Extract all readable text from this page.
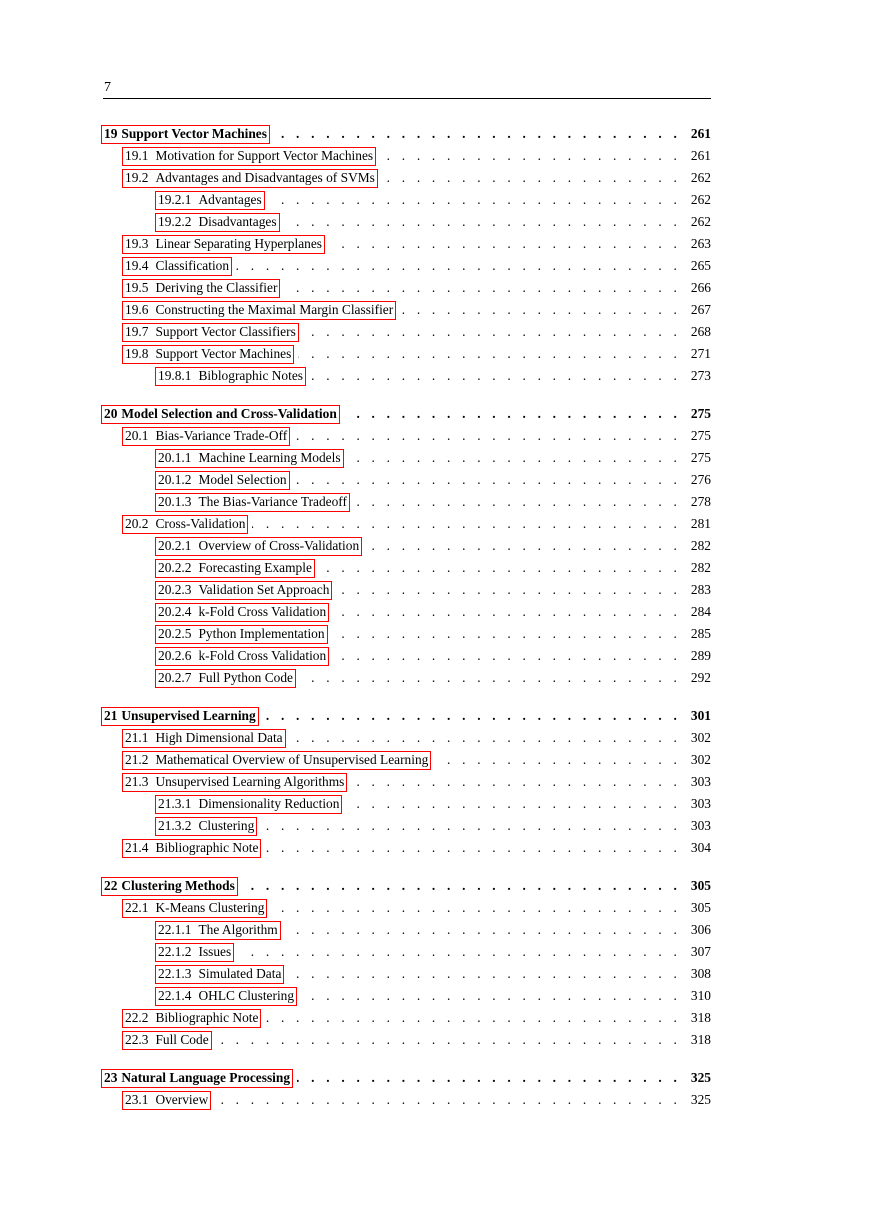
7
19 Support Vector Machines . . .	261
19.1 Motivation for Support Vector Machines . . .	261
19.2 Advantages and Disadvantages of SVMs . . .	262
19.2.1 Advantages . . .	262
19.2.2 Disadvantages . . .	262
19.3 Linear Separating Hyperplanes . . .	263
19.4 Classification . . .	265
19.5 Deriving the Classifier . . .	266
19.6 Constructing the Maximal Margin Classifier . . .	267
19.7 Support Vector Classifiers . . .	268
19.8 Support Vector Machines . . .	271
19.8.1 Biblographic Notes . . .	273
20 Model Selection and Cross-Validation . . .	275
20.1 Bias-Variance Trade-Off . . .	275
20.1.1 Machine Learning Models . . .	275
20.1.2 Model Selection . . .	276
20.1.3 The Bias-Variance Tradeoff . . .	278
20.2 Cross-Validation . . .	281
20.2.1 Overview of Cross-Validation . . .	282
20.2.2 Forecasting Example . . .	282
20.2.3 Validation Set Approach . . .	283
20.2.4 k-Fold Cross Validation . . .	284
20.2.5 Python Implementation . . .	285
20.2.6 k-Fold Cross Validation . . .	289
20.2.7 Full Python Code . . .	292
21 Unsupervised Learning . . .	301
21.1 High Dimensional Data . . .	302
21.2 Mathematical Overview of Unsupervised Learning . . .	302
21.3 Unsupervised Learning Algorithms . . .	303
21.3.1 Dimensionality Reduction . . .	303
21.3.2 Clustering . . .	303
21.4 Bibliographic Note . . .	304
22 Clustering Methods . . .	305
22.1 K-Means Clustering . . .	305
22.1.1 The Algorithm . . .	306
22.1.2 Issues . . .	307
22.1.3 Simulated Data . . .	308
22.1.4 OHLC Clustering . . .	310
22.2 Bibliographic Note . . .	318
22.3 Full Code . . .	318
23 Natural Language Processing . . .	325
23.1 Overview . . .	325
